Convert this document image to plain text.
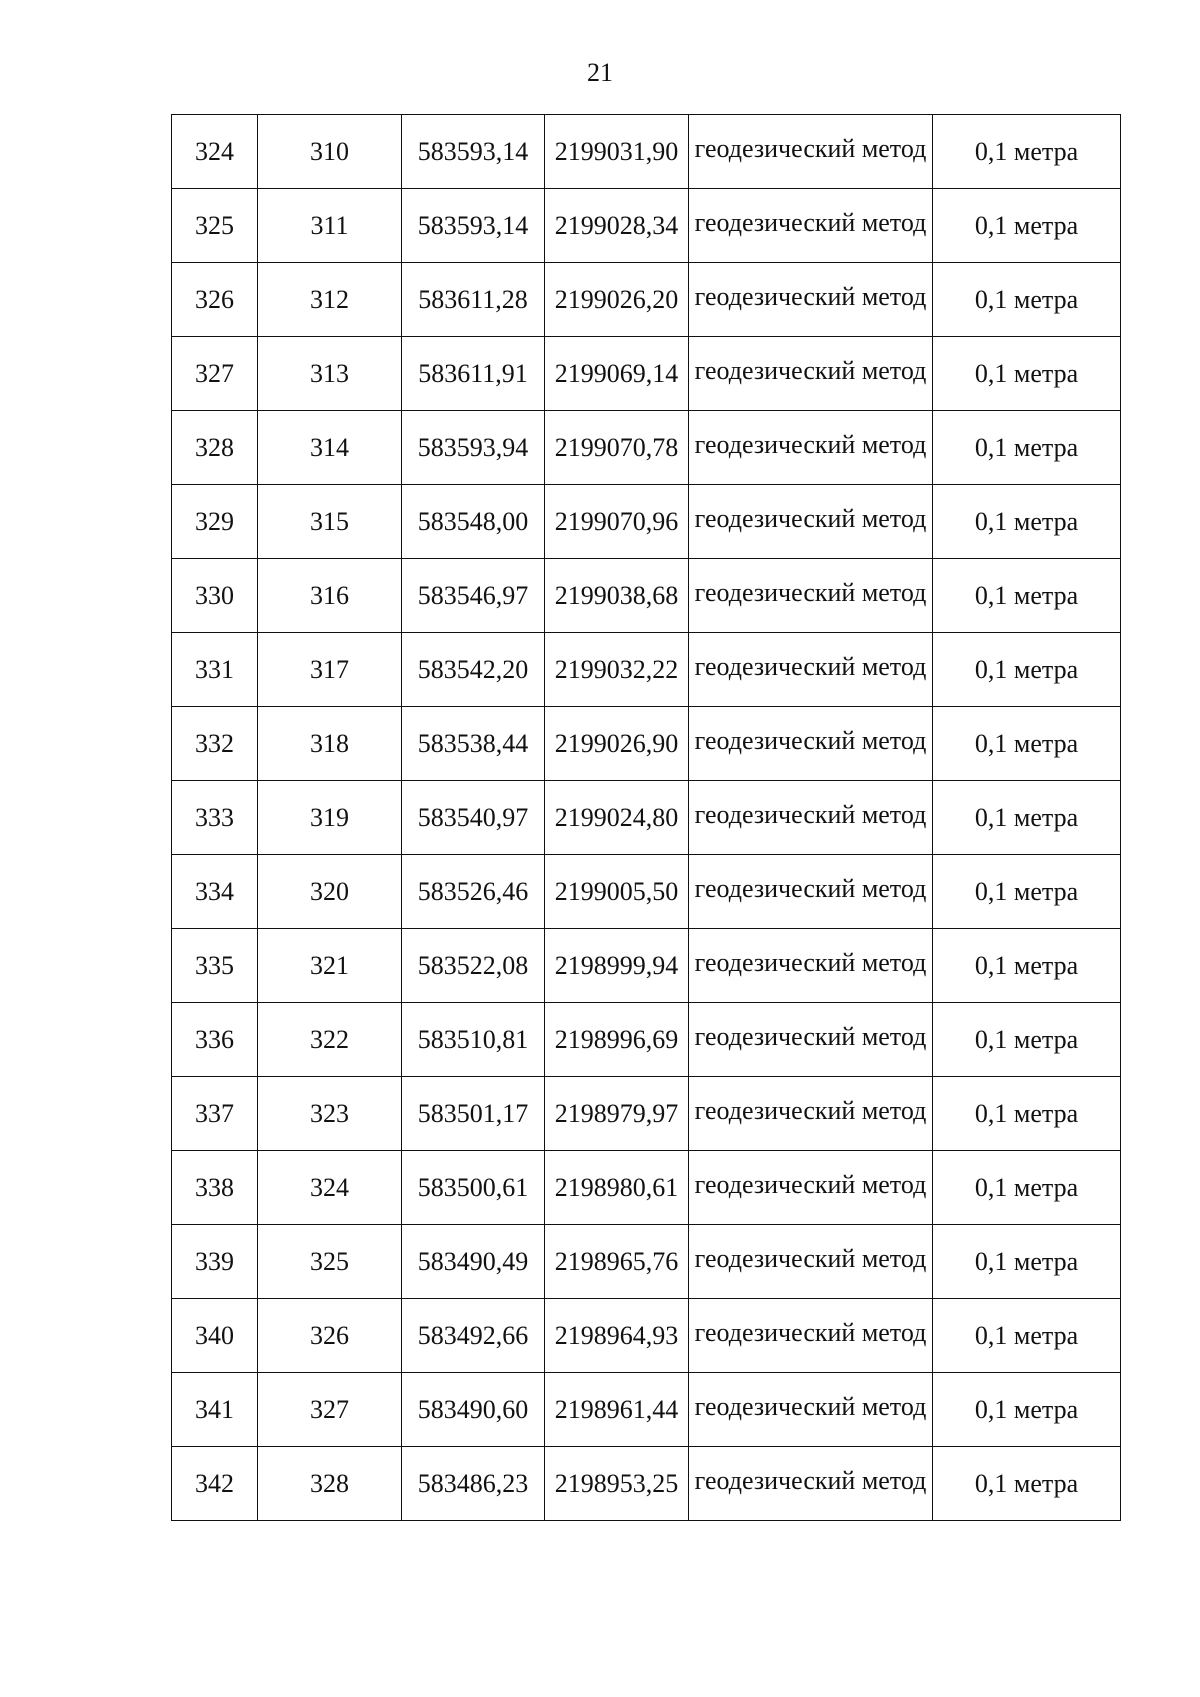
21
324	310	583593,14	2199031,90	геодезический метод	0,1 метра
325	311	583593,14	2199028,34	геодезический метод	0,1 метра
326	312	583611,28	2199026,20	геодезический метод	0,1 метра
327	313	583611,91	2199069,14	геодезический метод	0,1 метра
328	314	583593,94	2199070,78	геодезический метод	0,1 метра
329	315	583548,00	2199070,96	геодезический метод	0,1 метра
330	316	583546,97	2199038,68	геодезический метод	0,1 метра
331	317	583542,20	2199032,22	геодезический метод	0,1 метра
332	318	583538,44	2199026,90	геодезический метод	0,1 метра
333	319	583540,97	2199024,80	геодезический метод	0,1 метра
334	320	583526,46	2199005,50	геодезический метод	0,1 метра
335	321	583522,08	2198999,94	геодезический метод	0,1 метра
336	322	583510,81	2198996,69	геодезический метод	0,1 метра
337	323	583501,17	2198979,97	геодезический метод	0,1 метра
338	324	583500,61	2198980,61	геодезический метод	0,1 метра
339	325	583490,49	2198965,76	геодезический метод	0,1 метра
340	326	583492,66	2198964,93	геодезический метод	0,1 метра
341	327	583490,60	2198961,44	геодезический метод	0,1 метра
342	328	583486,23	2198953,25	геодезический метод	0,1 метра
